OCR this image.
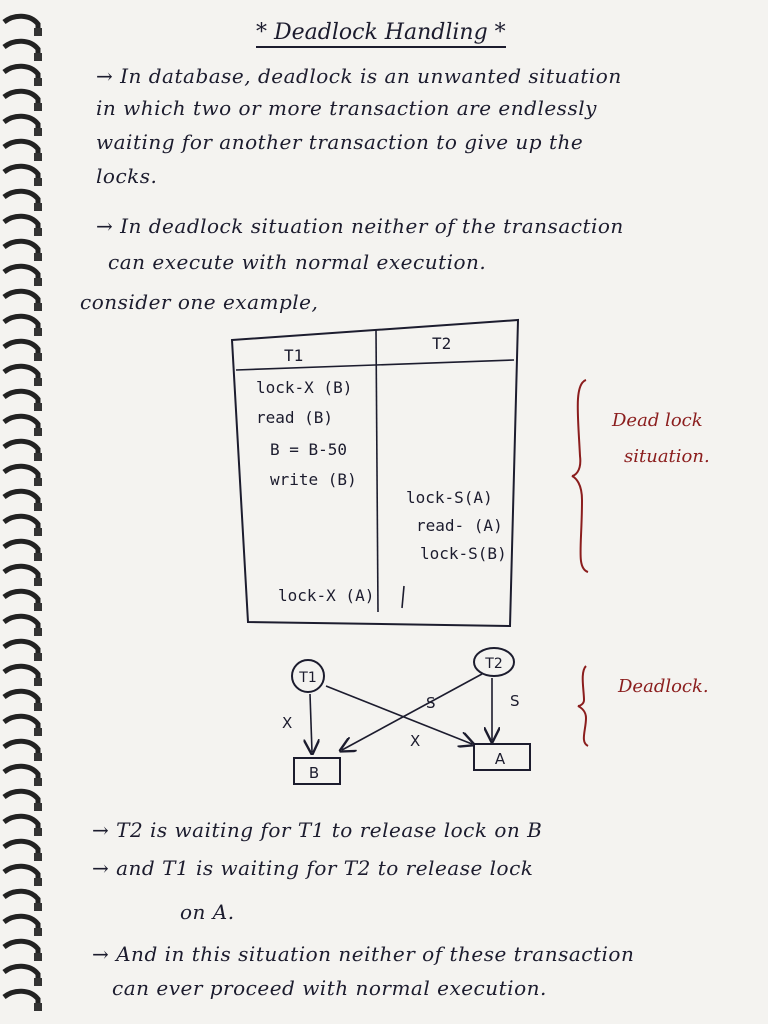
* Deadlock Handling *
→ In database, deadlock is an unwanted situation
in which two or more transaction are endlessly
waiting for another transaction to give up the
locks.
→ In deadlock situation neither of the transaction
can execute with normal execution.
consider one example,
T1
T2
lock-X (B)
read (B)
B = B-50
write (B)
lock-S(A)
read- (A)
lock-S(B)
lock-X (A)
Dead lock
situation.
T1
T2
B
A
X
S	S
X
Deadlock.
→ T2 is waiting for T1 to release lock on B
→ and T1 is waiting for T2 to release lock
on A.
→ And in this situation neither of these transaction
can ever proceed with normal execution.
